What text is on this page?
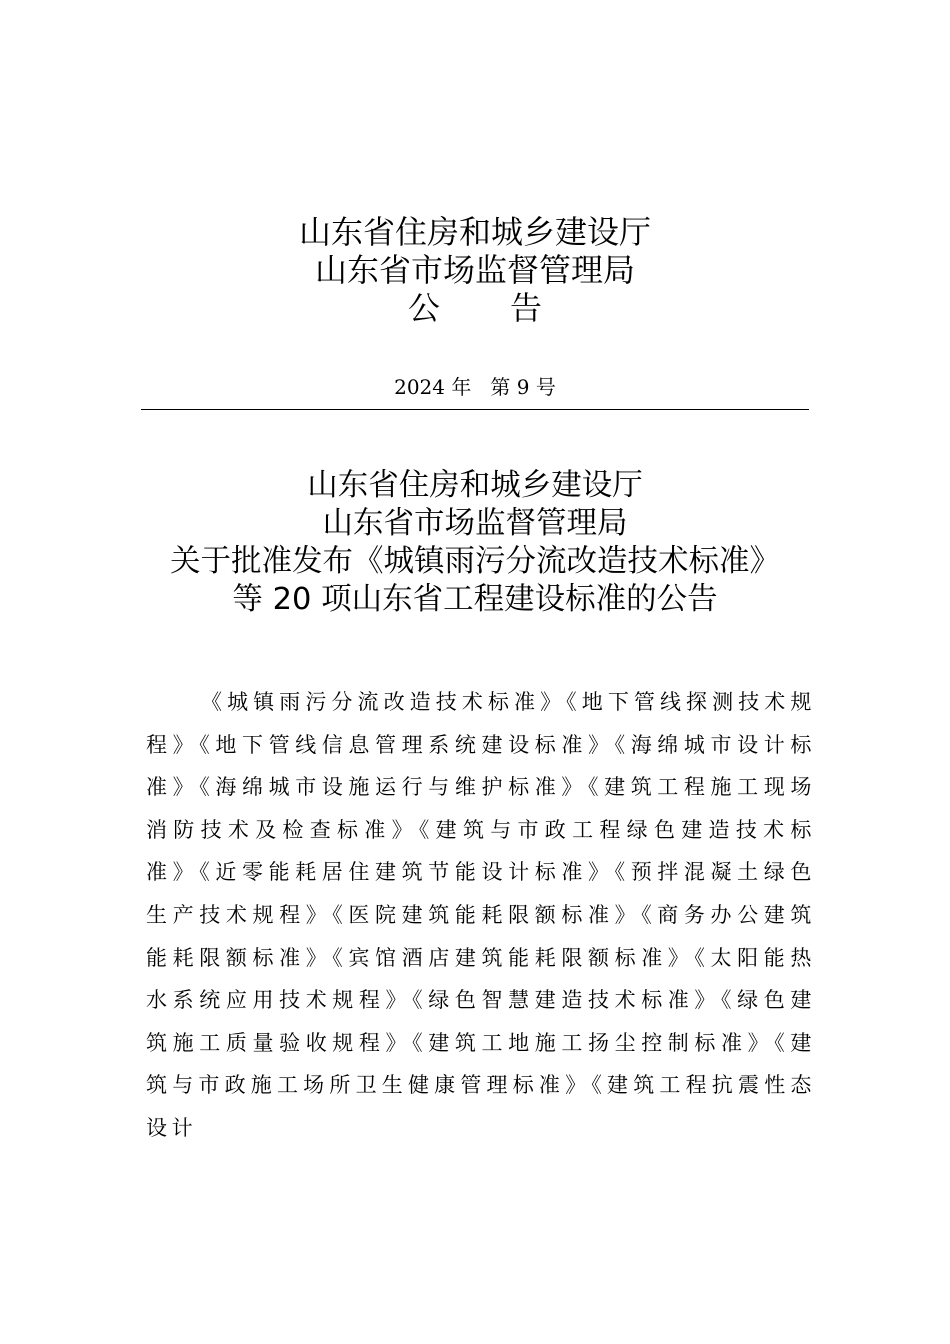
山东省住房和城乡建设厅
山东省市场监督管理局
公告
2024 年   第 9 号
山东省住房和城乡建设厅
山东省市场监督管理局
关于批准发布《城镇雨污分流改造技术标准》
等 20 项山东省工程建设标准的公告

《城镇雨污分流改造技术标准》《地下管线探测技术规程》《地下管线信息管理系统建设标准》《海绵城市设计标准》《海绵城市设施运行与维护标准》《建筑工程施工现场消防技术及检查标准》《建筑与市政工程绿色建造技术标准》《近零能耗居住建筑节能设计标准》《预拌混凝土绿色生产技术规程》《医院建筑能耗限额标准》《商务办公建筑能耗限额标准》《宾馆酒店建筑能耗限额标准》《太阳能热水系统应用技术规程》《绿色智慧建造技术标准》《绿色建筑施工质量验收规程》《建筑工地施工扬尘控制标准》《建筑与市政施工场所卫生健康管理标准》《建筑工程抗震性态设计
